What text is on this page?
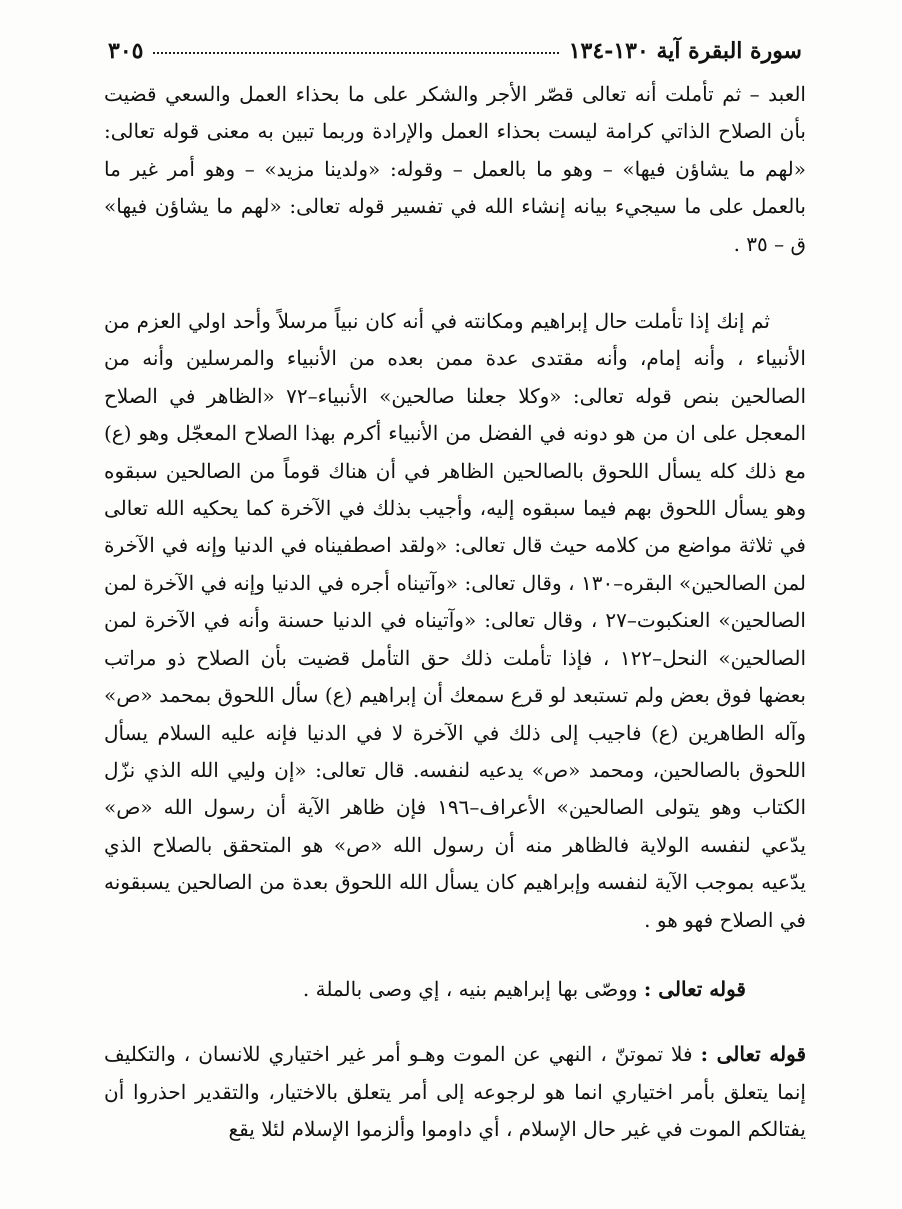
٣٠٥	سورة البقرة آية ١٣٠-١٣٤

العبد – ثم تأملت أنه تعالى قصّر الأجر والشكر على ما بحذاء العمل والسعي قضيت بأن الصلاح الذاتي كرامة ليست بحذاء العمل والإرادة وربما تبين به معنى قوله تعالى: «لهم ما يشاؤن فيها» – وهو ما بالعمل – وقوله: «ولدينا مزيد» – وهو أمر غير ما بالعمل على ما سيجيء بيانه إنشاء الله في تفسير قوله تعالى: «لهم ما يشاؤن فيها» ق – ٣٥ .

ثم إنك إذا تأملت حال إبراهيم ومكانته في أنه كان نبياً مرسلاً وأحد اولي العزم من الأنبياء ، وأنه إمام، وأنه مقتدى عدة ممن بعده من الأنبياء والمرسلين وأنه من الصالحين بنص قوله تعالى: «وكلا جعلنا صالحين» الأنبياء–٧٢ «الظاهر في الصلاح المعجل على ان من هو دونه في الفضل من الأنبياء أكرم بهذا الصلاح المعجّل وهو (ع) مع ذلك كله يسأل اللحوق بالصالحين الظاهر في أن هناك قوماً من الصالحين سبقوه وهو يسأل اللحوق بهم فيما سبقوه إليه، وأجيب بذلك في الآخرة كما يحكيه الله تعالى في ثلاثة مواضع من كلامه حيث قال تعالى: «ولقد اصطفيناه في الدنيا وإنه في الآخرة لمن الصالحين» البقره–١٣٠ ، وقال تعالى: «وآتيناه أجره في الدنيا وإنه في الآخرة لمن الصالحين» العنكبوت–٢٧ ، وقال تعالى: «وآتيناه في الدنيا حسنة وأنه في الآخرة لمن الصالحين» النحل–١٢٢ ، فإذا تأملت ذلك حق التأمل قضيت بأن الصلاح ذو مراتب بعضها فوق بعض ولم تستبعد لو قرع سمعك أن إبراهيم (ع) سأل اللحوق بمحمد «ص» وآله الطاهرين (ع) فاجيب إلى ذلك في الآخرة لا في الدنيا فإنه عليه السلام يسأل اللحوق بالصالحين، ومحمد «ص» يدعيه لنفسه. قال تعالى: «إن وليي الله الذي نزّل الكتاب وهو يتولى الصالحين» الأعراف–١٩٦ فإن ظاهر الآية أن رسول الله «ص» يدّعي لنفسه الولاية فالظاهر منه أن رسول الله «ص» هو المتحقق بالصلاح الذي يدّعيه بموجب الآية لنفسه وإبراهيم كان يسأل الله اللحوق بعدة من الصالحين يسبقونه في الصلاح فهو هو .

قوله تعالى : ووصّى بها إبراهيم بنيه ، إي وصى بالملة .

قوله تعالى : فلا تموتنّ ، النهي عن الموت وهـو أمر غير اختياري للانسان ، والتكليف إنما يتعلق بأمر اختياري انما هو لرجوعه إلى أمر يتعلق بالاختيار، والتقدير احذروا أن يفتالكم الموت في غير حال الإسلام ، أي داوموا وألزموا الإسلام لئلا يقع
